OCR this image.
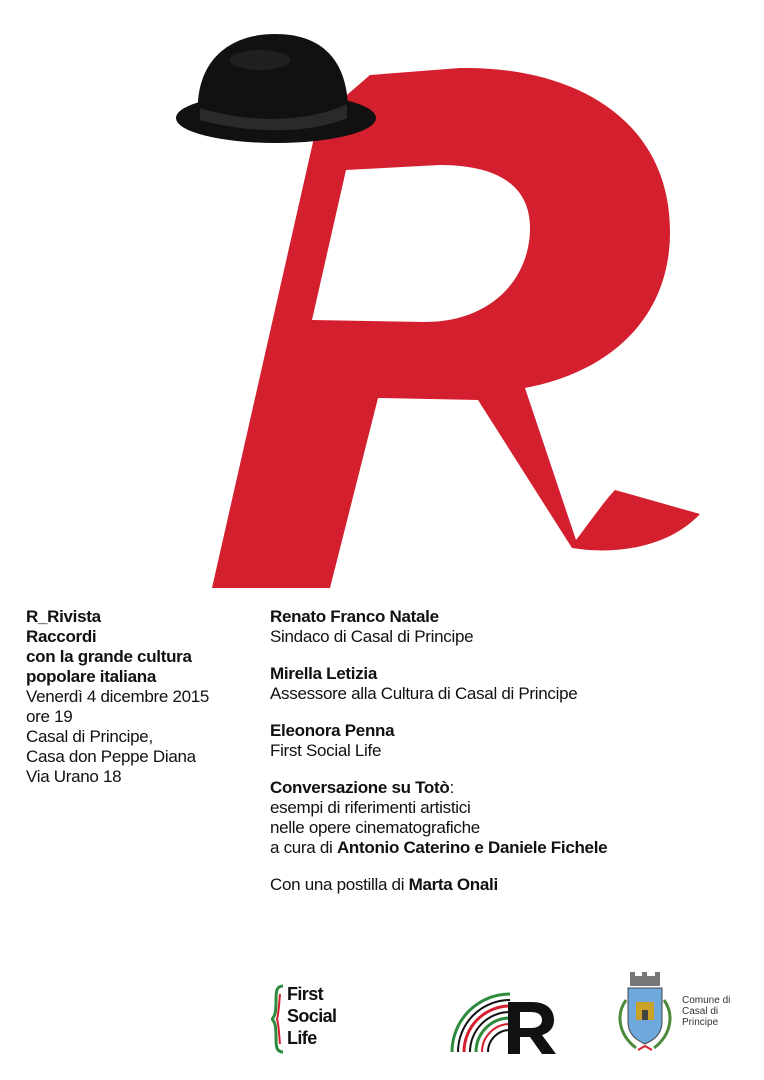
R_Rivista
Raccordi
con la grande cultura
popolare italiana
Venerdì 4 dicembre 2015
ore 19
Casal di Principe,
Casa don Peppe Diana
Via Urano 18
Renato Franco Natale
Sindaco di Casal di Principe
Mirella Letizia
Assessore alla Cultura di Casal di Principe
Eleonora Penna
First Social Life
Conversazione su Totò:
esempi di riferimenti artistici
nelle opere cinematografiche
a cura di Antonio Caterino e Daniele Fichele
Con una postilla di Marta Onali
First
Social
Life
Comune di
Casal di
Principe
